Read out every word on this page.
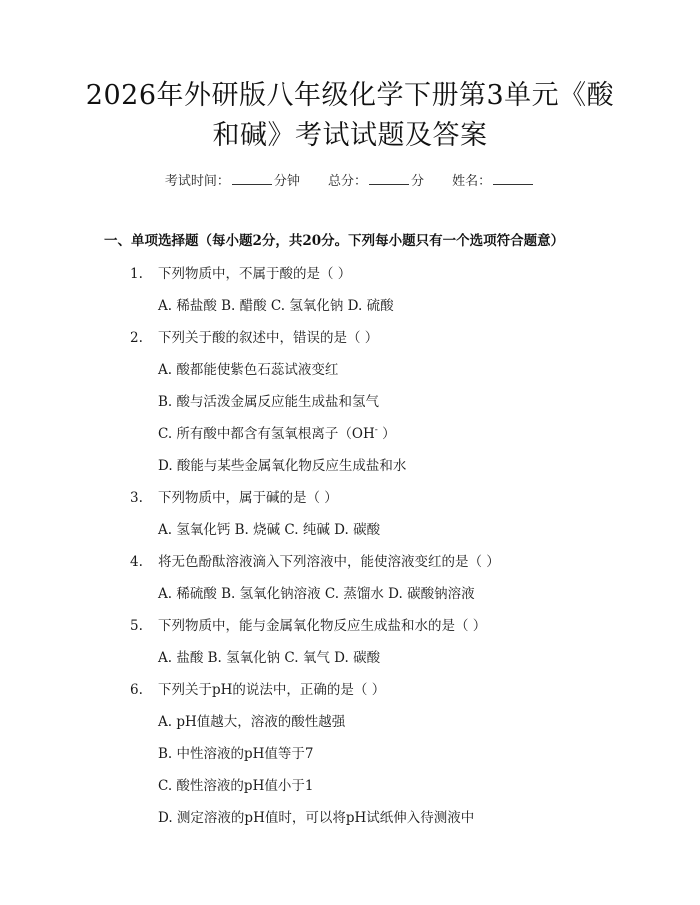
2026年外研版八年级化学下册第3单元《酸
和碱》考试试题及答案
考试时间：	分钟 总分：	分 姓名：
一、单项选择题（每小题2分，共20分。下列每小题只有一个选项符合题意）
1. 下列物质中，不属于酸的是（ ）
A. 稀盐酸 B. 醋酸 C. 氢氧化钠 D. 硫酸
2. 下列关于酸的叙述中，错误的是（ ）
A. 酸都能使紫色石蕊试液变红
B. 酸与活泼金属反应能生成盐和氢气
C. 所有酸中都含有氢氧根离子（OH- ）
D. 酸能与某些金属氧化物反应生成盐和水
3. 下列物质中，属于碱的是（ ）
A. 氢氧化钙 B. 烧碱 C. 纯碱 D. 碳酸
4. 将无色酚酞溶液滴入下列溶液中，能使溶液变红的是（ ）
A. 稀硫酸 B. 氢氧化钠溶液 C. 蒸馏水 D. 碳酸钠溶液
5. 下列物质中，能与金属氧化物反应生成盐和水的是（ ）
A. 盐酸 B. 氢氧化钠 C. 氧气 D. 碳酸
6. 下列关于pH的说法中，正确的是（ ）
A. pH值越大，溶液的酸性越强
B. 中性溶液的pH值等于7
C. 酸性溶液的pH值小于1
D. 测定溶液的pH值时，可以将pH试纸伸入待测液中
